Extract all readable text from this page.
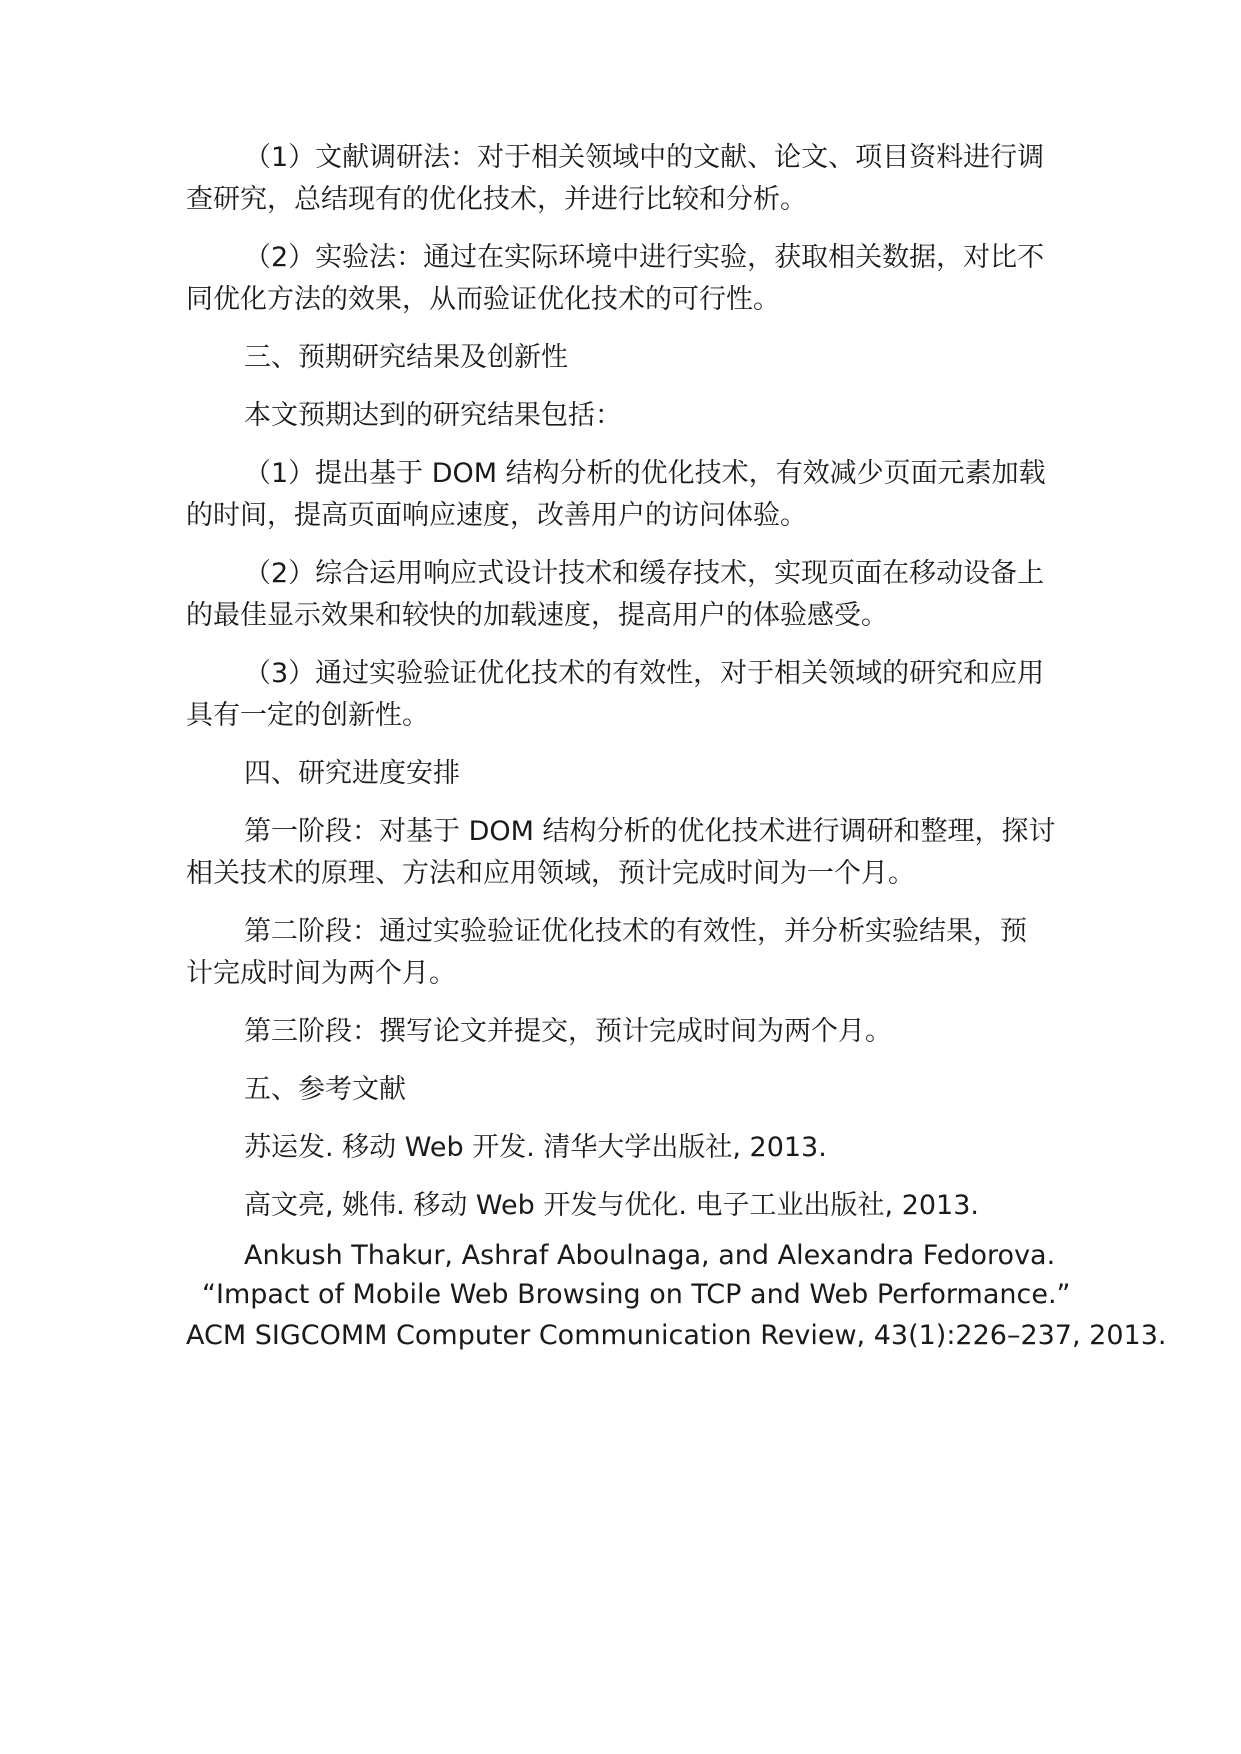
（1）文献调研法：对于相关领域中的文献、论文、项目资料进行调
查研究，总结现有的优化技术，并进行比较和分析。
（2）实验法：通过在实际环境中进行实验，获取相关数据，对比不
同优化方法的效果，从而验证优化技术的可行性。
三、预期研究结果及创新性
本文预期达到的研究结果包括：
（1）提出基于 DOM 结构分析的优化技术，有效减少页面元素加载
的时间，提高页面响应速度，改善用户的访问体验。
（2）综合运用响应式设计技术和缓存技术，实现页面在移动设备上
的最佳显示效果和较快的加载速度，提高用户的体验感受。
（3）通过实验验证优化技术的有效性，对于相关领域的研究和应用
具有一定的创新性。
四、研究进度安排
第一阶段：对基于 DOM 结构分析的优化技术进行调研和整理，探讨
相关技术的原理、方法和应用领域，预计完成时间为一个月。
第二阶段：通过实验验证优化技术的有效性，并分析实验结果，预
计完成时间为两个月。
第三阶段：撰写论文并提交，预计完成时间为两个月。
五、参考文献
苏运发. 移动 Web 开发. 清华大学出版社, 2013.
高文亮, 姚伟. 移动 Web 开发与优化. 电子工业出版社, 2013.
Ankush Thakur, Ashraf Aboulnaga, and Alexandra Fedorova.
“Impact of Mobile Web Browsing on TCP and Web Performance.”
ACM SIGCOMM Computer Communication Review, 43(1):226–237, 2013.
